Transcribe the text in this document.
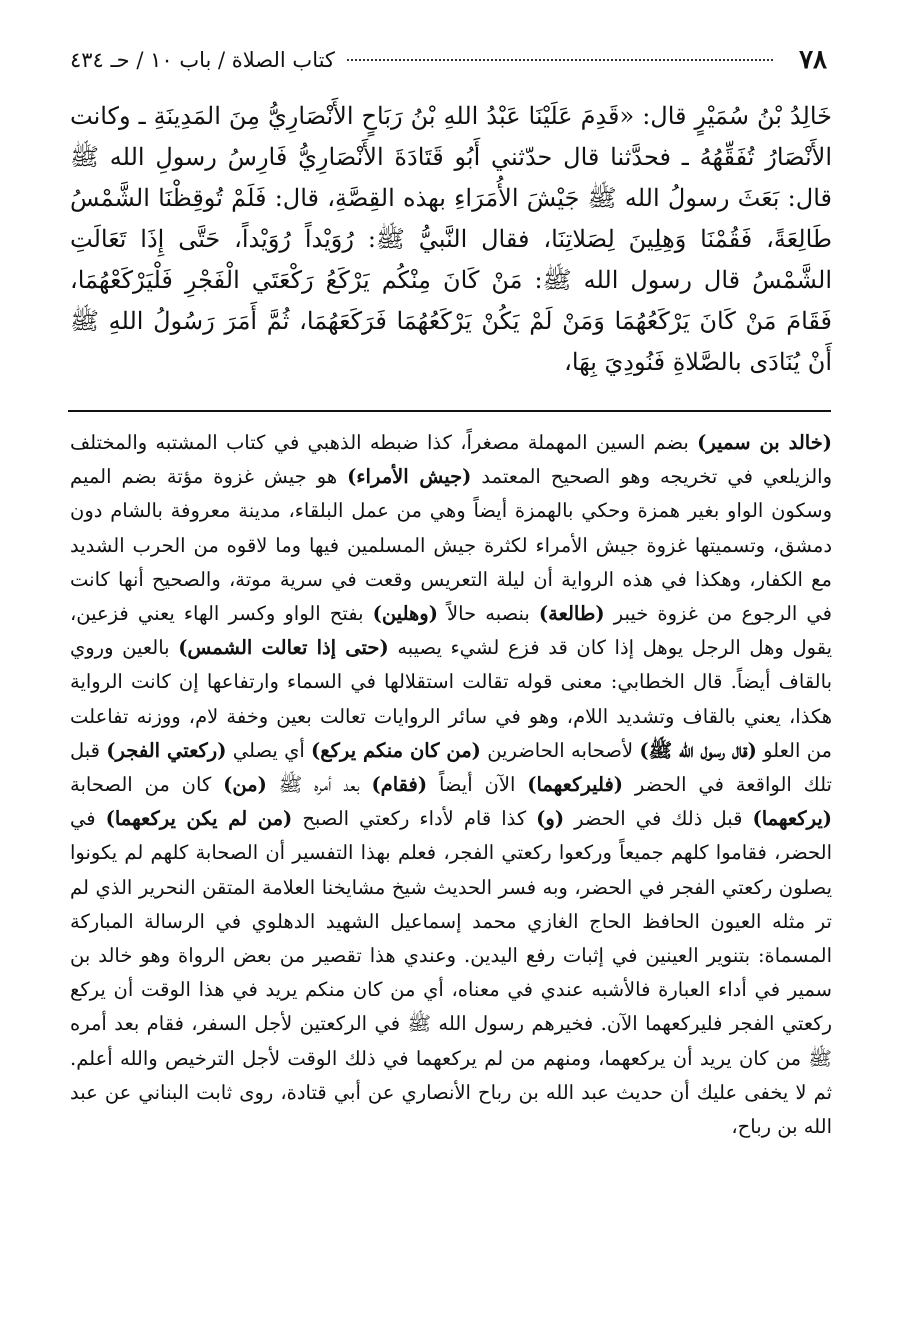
٧٨
كتاب الصلاة / باب ١٠ / حـ ٤٣٤

خَالِدُ بْنُ سُمَيْرٍ قال: «قَدِمَ عَلَيْنَا عَبْدُ اللهِ بْنُ رَبَاحٍ الأَنْصَارِيُّ مِنَ المَدِينَةِ ـ وكانت الأَنْصَارُ تُفَقِّهُهُ ـ فحدَّثنا قال حدّثني أَبُو قَتَادَةَ الأَنْصَارِيُّ فَارِسُ رسولِ الله ﷺ قال: بَعَثَ رسولُ الله ﷺ جَيْشَ الأُمَرَاءِ بهذه القِصَّةِ، قال: فَلَمْ تُوقِظْنَا الشَّمْسُ طَالِعَةً، فَقُمْنَا وَهِلِينَ لِصَلاتِنَا، فقال النَّبيُّ ﷺ: رُوَيْداً رُوَيْداً، حَتَّى إِذَا تَعَالَتِ الشَّمْسُ قال رسول الله ﷺ: مَنْ كَانَ مِنْكُم يَرْكَعُ رَكْعَتَي الْفَجْرِ فَلْيَرْكَعْهُمَا، فَقَامَ مَنْ كَانَ يَرْكَعُهُمَا وَمَنْ لَمْ يَكُنْ يَرْكَعُهُمَا فَرَكَعَهُمَا، ثُمَّ أَمَرَ رَسُولُ اللهِ ﷺ أَنْ يُنَادَى بالصَّلاةِ فَنُودِيَ بِهَا،

(خالد بن سمير) بضم السين المهملة مصغراً، كذا ضبطه الذهبي في كتاب المشتبه والمختلف والزيلعي في تخريجه وهو الصحيح المعتمد (جيش الأمراء) هو جيش غزوة مؤتة بضم الميم وسكون الواو بغير همزة وحكي بالهمزة أيضاً وهي من عمل البلقاء، مدينة معروفة بالشام دون دمشق، وتسميتها غزوة جيش الأمراء لكثرة جيش المسلمين فيها وما لاقوه من الحرب الشديد مع الكفار، وهكذا في هذه الرواية أن ليلة التعريس وقعت في سرية موتة، والصحيح أنها كانت في الرجوع من غزوة خيبر (طالعة) بنصبه حالاً (وهلين) بفتح الواو وكسر الهاء يعني فزعين، يقول وهل الرجل يوهل إذا كان قد فزع لشيء يصيبه (حتى إذا تعالت الشمس) بالعين وروي بالقاف أيضاً. قال الخطابي: معنى قوله تقالت استقلالها في السماء وارتفاعها إن كانت الرواية هكذا، يعني بالقاف وتشديد اللام، وهو في سائر الروايات تعالت بعين وخفة لام، ووزنه تفاعلت من العلو (قال رسول الله ﷺ) لأصحابه الحاضرين (من كان منكم يركع) أي يصلي (ركعتي الفجر) قبل تلك الواقعة في الحضر (فليركعهما) الآن أيضاً (فقام) بعد أمره ﷺ (من) كان من الصحابة (يركعهما) قبل ذلك في الحضر (و) كذا قام لأداء ركعتي الصبح (من لم يكن يركعهما) في الحضر، فقاموا كلهم جميعاً وركعوا ركعتي الفجر، فعلم بهذا التفسير أن الصحابة كلهم لم يكونوا يصلون ركعتي الفجر في الحضر، وبه فسر الحديث شيخ مشايخنا العلامة المتقن النحرير الذي لم تر مثله العيون الحافظ الحاج الغازي محمد إسماعيل الشهيد الدهلوي في الرسالة المباركة المسماة: بتنوير العينين في إثبات رفع اليدين. وعندي هذا تقصير من بعض الرواة وهو خالد بن سمير في أداء العبارة فالأشبه عندي في معناه، أي من كان منكم يريد في هذا الوقت أن يركع ركعتي الفجر فليركعهما الآن. فخيرهم رسول الله ﷺ في الركعتين لأجل السفر، فقام بعد أمره ﷺ من كان يريد أن يركعهما، ومنهم من لم يركعهما في ذلك الوقت لأجل الترخيص والله أعلم. ثم لا يخفى عليك أن حديث عبد الله بن رباح الأنصاري عن أبي قتادة، روى ثابت البناني عن عبد الله بن رباح،
